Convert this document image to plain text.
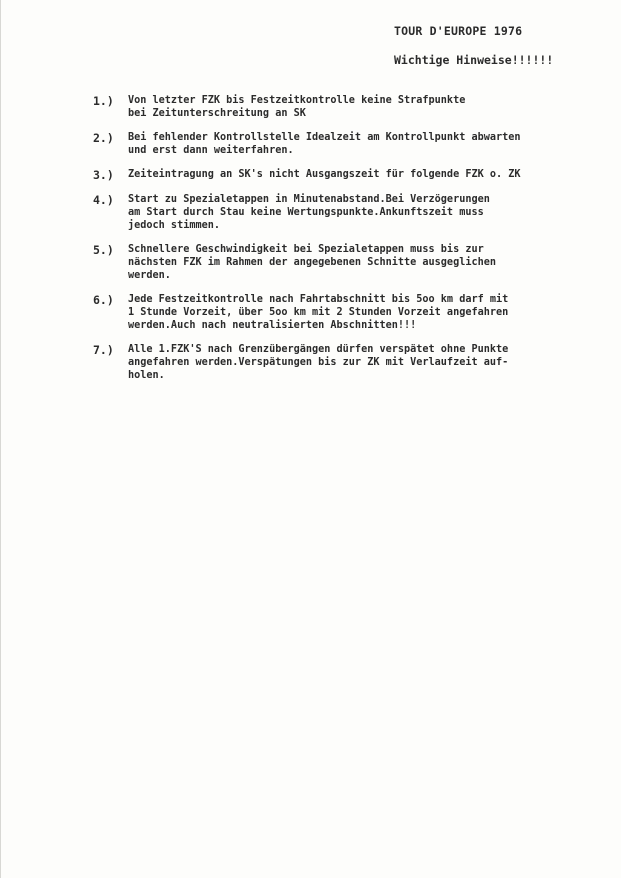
TOUR D'EUROPE 1976
Wichtige Hinweise!!!!!!
1.)	Von letzter FZK bis Festzeitkontrolle keine Strafpunkte
bei Zeitunterschreitung an SK
2.)	Bei fehlender Kontrollstelle Idealzeit am Kontrollpunkt abwarten
und erst dann weiterfahren.
3.)	Zeiteintragung an SK's nicht Ausgangszeit für folgende FZK o. ZK
4.)	Start zu Spezialetappen in Minutenabstand.Bei Verzögerungen
am Start durch Stau keine Wertungspunkte.Ankunftszeit muss
jedoch stimmen.
5.)	Schnellere Geschwindigkeit bei Spezialetappen muss bis zur
nächsten FZK im Rahmen der angegebenen Schnitte ausgeglichen
werden.
6.)	Jede Festzeitkontrolle nach Fahrtabschnitt bis 5oo km darf mit
1 Stunde Vorzeit, über 5oo km mit 2 Stunden Vorzeit angefahren
werden.Auch nach neutralisierten Abschnitten!!!
7.)	Alle 1.FZK'S nach Grenzübergängen dürfen verspätet ohne Punkte
angefahren werden.Verspätungen bis zur ZK mit Verlaufzeit auf-
holen.
